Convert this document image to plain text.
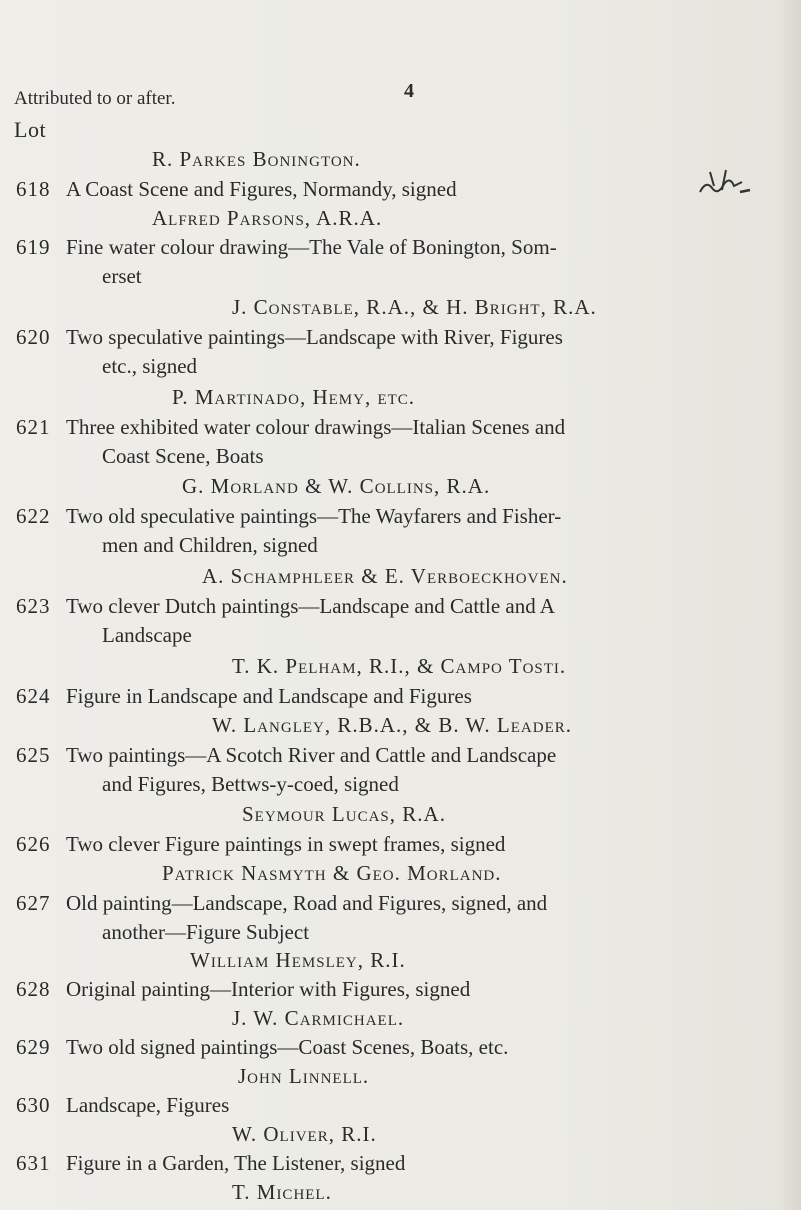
4
Attributed to or after.
Lot
R. Parkes Bonington.
618 A Coast Scene and Figures, Normandy, signed
Alfred Parsons, A.R.A.
619 Fine water colour drawing—The Vale of Bonington, Som-
erset
J. Constable, R.A., & H. Bright, R.A.
620 Two speculative paintings—Landscape with River, Figures
etc., signed
P. Martinado, Hemy, etc.
621 Three exhibited water colour drawings—Italian Scenes and
Coast Scene, Boats
G. Morland & W. Collins, R.A.
622 Two old speculative paintings—The Wayfarers and Fisher-
men and Children, signed
A. Schamphleer & E. Verboeckhoven.
623 Two clever Dutch paintings—Landscape and Cattle and A
Landscape
T. K. Pelham, R.I., & Campo Tosti.
624 Figure in Landscape and Landscape and Figures
W. Langley, R.B.A., & B. W. Leader.
625 Two paintings—A Scotch River and Cattle and Landscape
and Figures, Bettws-y-coed, signed
Seymour Lucas, R.A.
626 Two clever Figure paintings in swept frames, signed
Patrick Nasmyth & Geo. Morland.
627 Old painting—Landscape, Road and Figures, signed, and
another—Figure Subject
William Hemsley, R.I.
628 Original painting—Interior with Figures, signed
J. W. Carmichael.
629 Two old signed paintings—Coast Scenes, Boats, etc.
John Linnell.
630 Landscape, Figures
W. Oliver, R.I.
631 Figure in a Garden, The Listener, signed
T. Michel.
